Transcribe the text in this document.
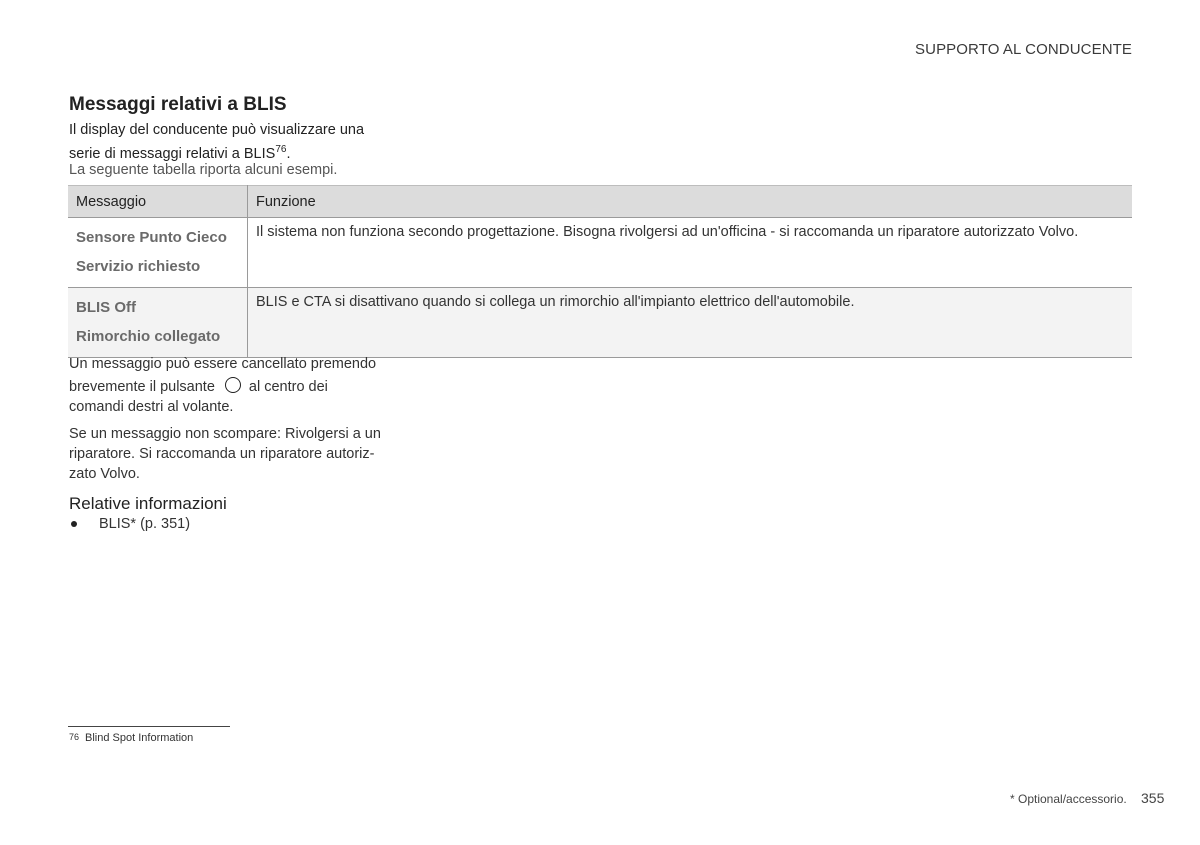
SUPPORTO AL CONDUCENTE
Messaggi relativi a BLIS
Il display del conducente può visualizzare una
serie di messaggi relativi a BLIS$^{76}$.
La seguente tabella riporta alcuni esempi.
Messaggio	Funzione

Sensore Punto Cieco
Servizio richiesto	Il sistema non funziona secondo progettazione. Bisogna rivolgersi ad un'officina - si raccomanda un riparatore autorizzato Volvo.

BLIS Off
Rimorchio collegato	BLIS e CTA si disattivano quando si collega un rimorchio all'impianto elettrico dell'automobile.
Un messaggio può essere cancellato premendo
brevemente il pulsante al centro dei
comandi destri al volante.
Se un messaggio non scompare: Rivolgersi a un
riparatore. Si raccomanda un riparatore autoriz-
zato Volvo.
Relative informazioni
BLIS* (p. 351)
76 Blind Spot Information
* Optional/accessorio. 355
